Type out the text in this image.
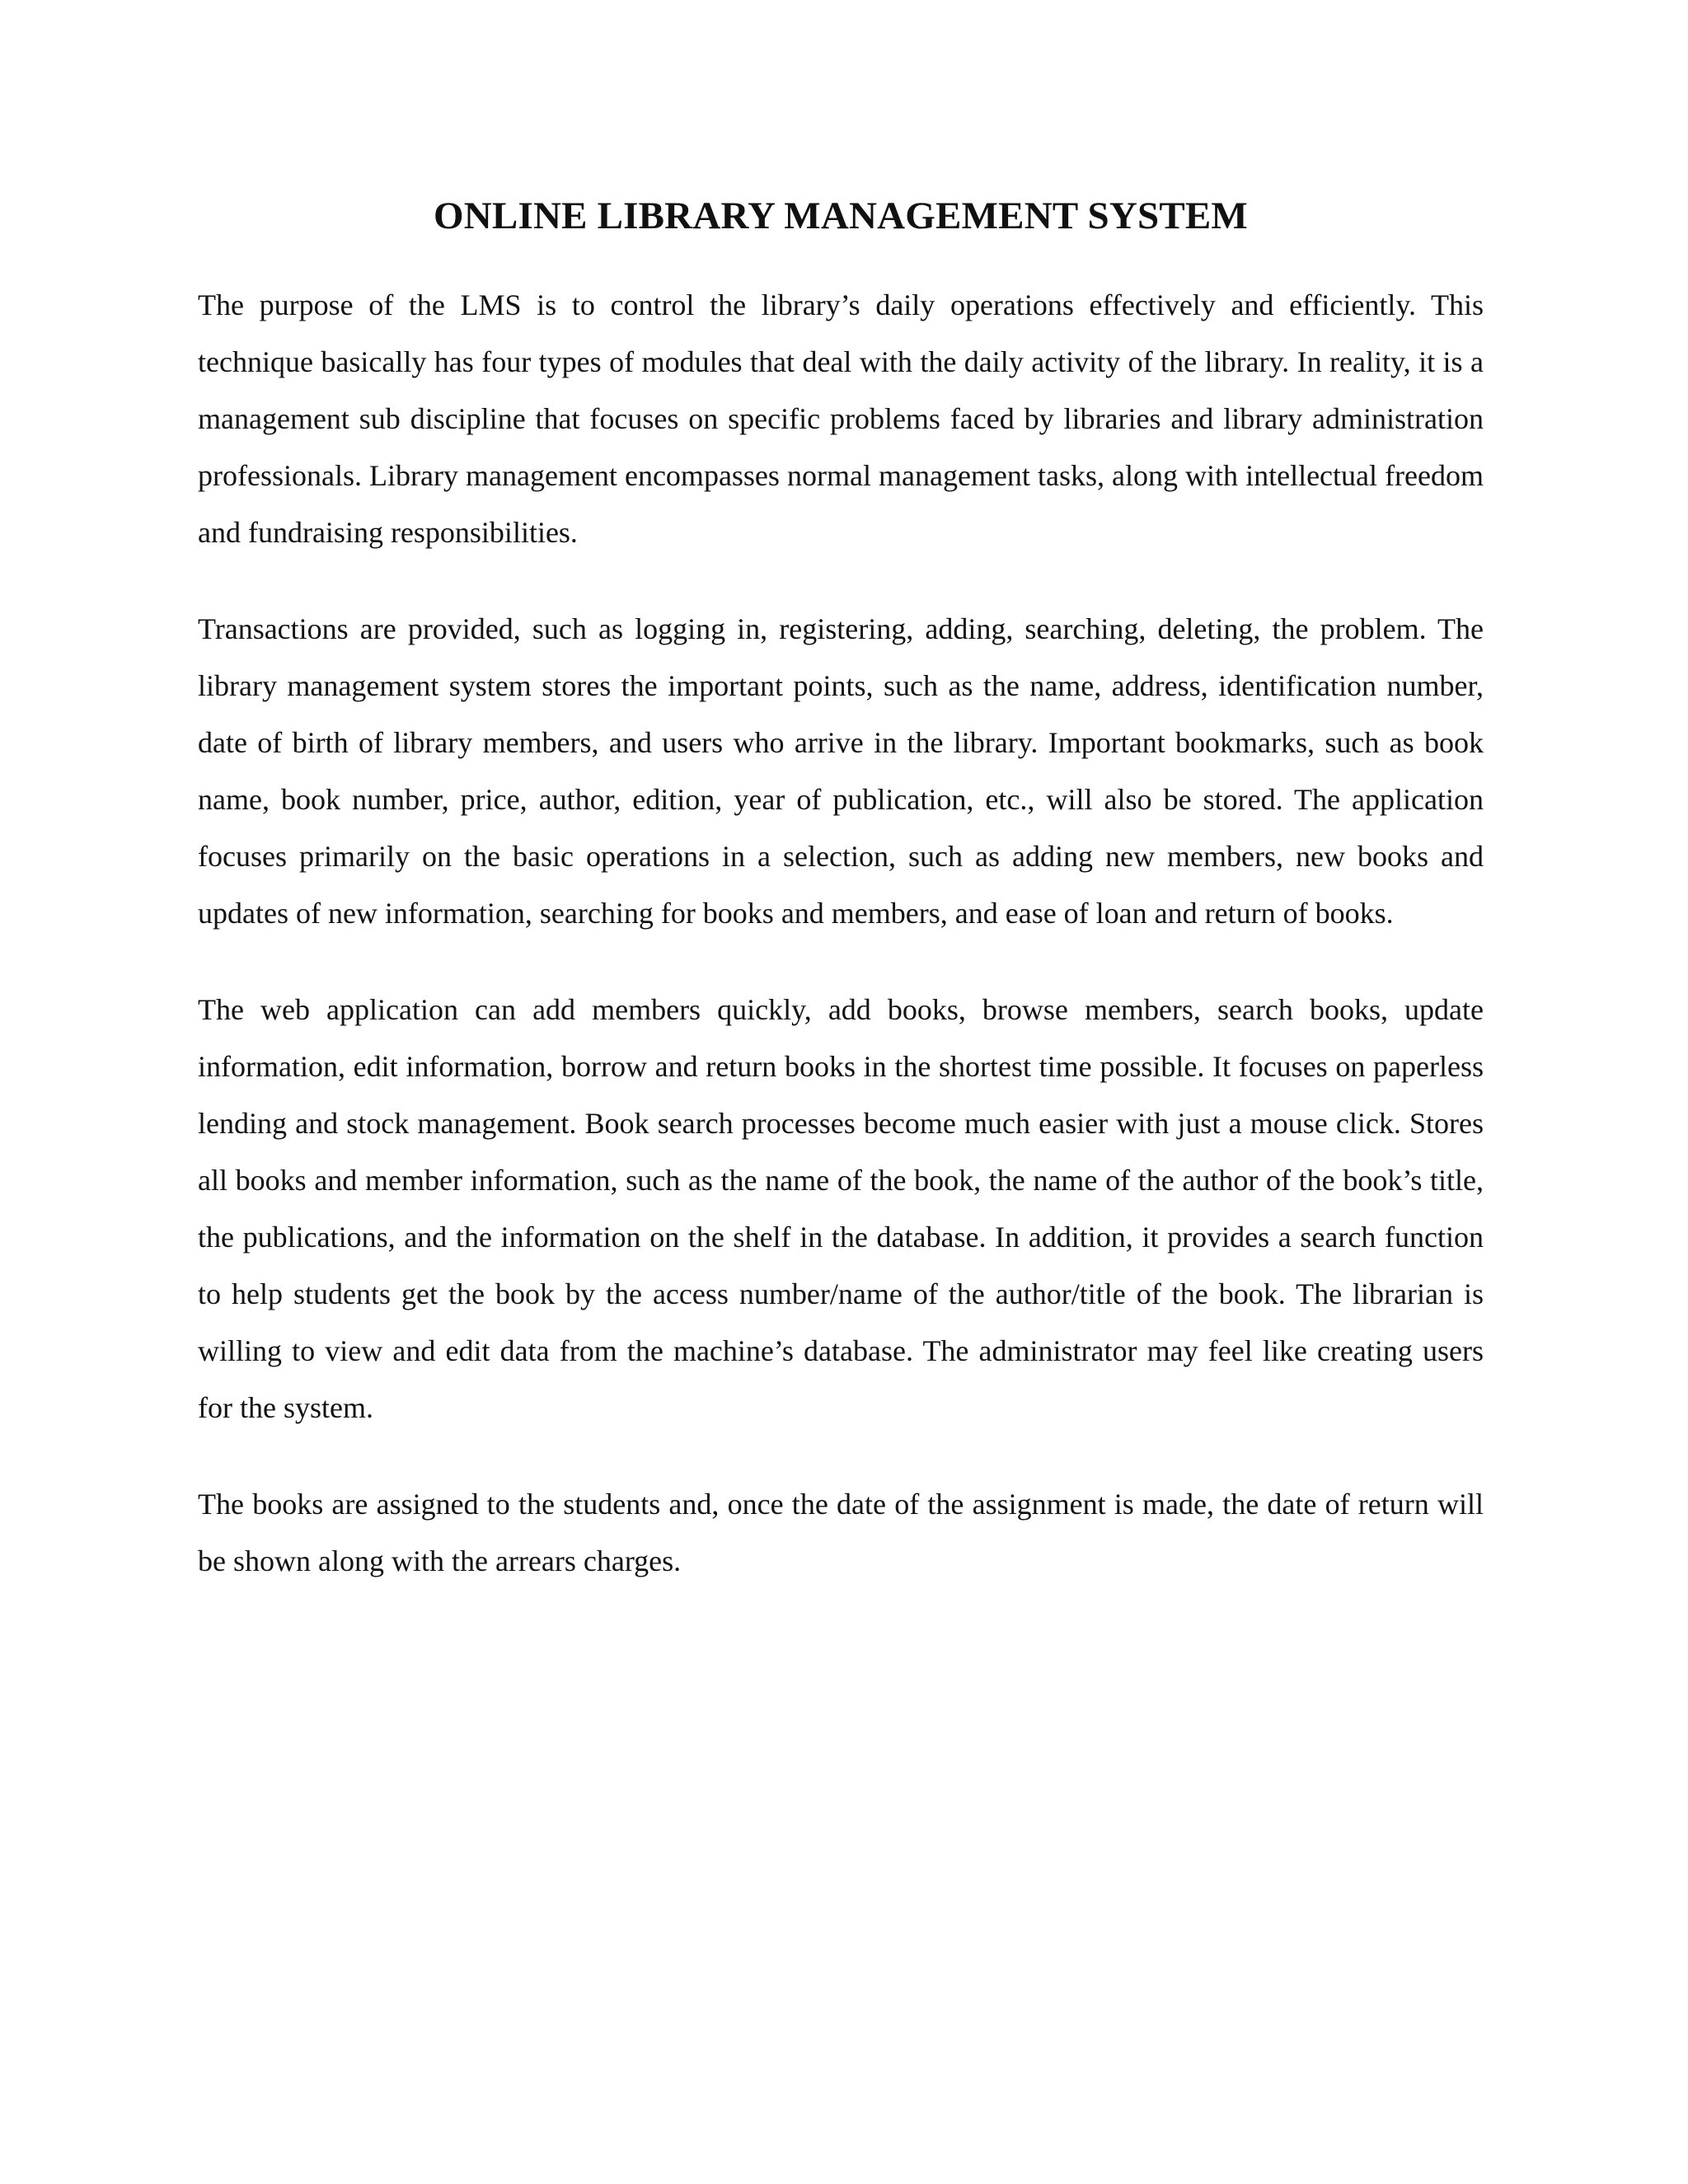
ONLINE LIBRARY MANAGEMENT SYSTEM

The purpose of the LMS is to control the library’s daily operations effectively and efficiently. This technique basically has four types of modules that deal with the daily activity of the library. In reality, it is a management sub discipline that focuses on specific problems faced by libraries and library administration professionals. Library management encompasses normal management tasks, along with intellectual freedom and fundraising responsibilities.

Transactions are provided, such as logging in, registering, adding, searching, deleting, the problem. The library management system stores the important points, such as the name, address, identification number, date of birth of library members, and users who arrive in the library. Important bookmarks, such as book name, book number, price, author, edition, year of publication, etc., will also be stored. The application focuses primarily on the basic operations in a selection, such as adding new members, new books and updates of new information, searching for books and members, and ease of loan and return of books.

The web application can add members quickly, add books, browse members, search books, update information, edit information, borrow and return books in the shortest time possible. It focuses on paperless lending and stock management. Book search processes become much easier with just a mouse click. Stores all books and member information, such as the name of the book, the name of the author of the book’s title, the publications, and the information on the shelf in the database. In addition, it provides a search function to help students get the book by the access number/name of the author/title of the book. The librarian is willing to view and edit data from the machine’s database. The administrator may feel like creating users for the system.

The books are assigned to the students and, once the date of the assignment is made, the date of return will be shown along with the arrears charges.
